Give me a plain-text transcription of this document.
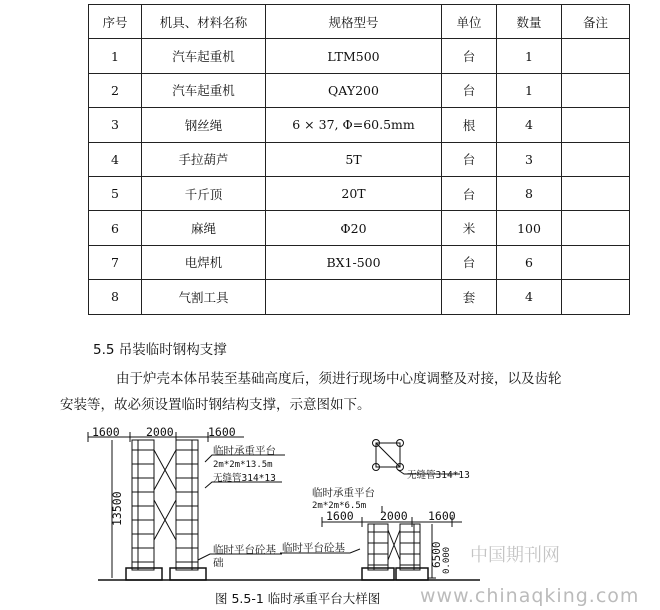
序号	机具、材料名称	规格型号	单位	数量	备注
1	汽车起重机	LTM500	台	1	
2	汽车起重机	QAY200	台	1	
3	钢丝绳	6 × 37, Φ=60.5mm	根	4	
4	手拉葫芦	5T	台	3	
5	千斤顶	20T	台	8	
6	麻绳	Φ20	米	100	
7	电焊机	BX1-500	台	6	
8	气割工具		套	4	
5.5 吊装临时钢构支撑
由于炉壳本体吊装至基础高度后，须进行现场中心度调整及对接，以及齿轮
安装等，故必须设置临时钢结构支撑，示意图如下。
1600 2000	1600
13500
临时承重平台
2m*2m*13.5m
无缝管314*13
临时平台砼基
础
无缝管314*13
临时承重平台
2m*2m*6.5m
1600 2000 1600
临时平台砼基	6500 0.000 中国期刊网
图 5.5-1 临时承重平台大样图 www.chinaqking.com
